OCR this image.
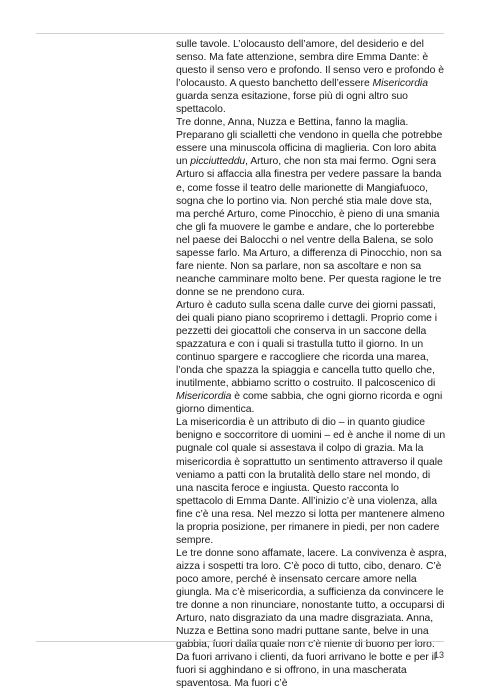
sulle tavole. L’olocausto dell’amore, del desiderio e del senso. Ma fate attenzione, sembra dire Emma Dante: è questo il senso vero e profondo. Il senso vero e profondo è l’olocausto. A questo banchetto dell’essere Misericordia guarda senza esitazione, forse più di ogni altro suo spettacolo.

Tre donne, Anna, Nuzza e Bettina, fanno la maglia. Preparano gli scialletti che vendono in quella che potrebbe essere una minuscola officina di maglieria. Con loro abita un picciutteddu, Arturo, che non sta mai fermo. Ogni sera Arturo si affaccia alla finestra per vedere passare la banda e, come fosse il teatro delle marionette di Mangiafuoco, sogna che lo portino via. Non perché stia male dove sta, ma perché Arturo, come Pinocchio, è pieno di una smania che gli fa muovere le gambe e andare, che lo porterebbe nel paese dei Balocchi o nel ventre della Balena, se solo sapesse farlo. Ma Arturo, a differenza di Pinocchio, non sa fare niente. Non sa parlare, non sa ascoltare e non sa neanche camminare molto bene. Per questa ragione le tre donne se ne prendono cura.

Arturo è caduto sulla scena dalle curve dei giorni passati, dei quali piano piano scopriremo i dettagli. Proprio come i pezzetti dei giocattoli che conserva in un saccone della spazzatura e con i quali si trastulla tutto il giorno. In un continuo spargere e raccogliere che ricorda una marea, l’onda che spazza la spiaggia e cancella tutto quello che, inutilmente, abbiamo scritto o costruito. Il palcoscenico di Misericordia è come sabbia, che ogni giorno ricorda e ogni giorno dimentica.

La misericordia è un attributo di dio – in quanto giudice benigno e soccorritore di uomini – ed è anche il nome di un pugnale col quale si assestava il colpo di grazia. Ma la misericordia è soprattutto un sentimento attraverso il quale veniamo a patti con la brutalità dello stare nel mondo, di una nascita feroce e ingiusta. Questo racconta lo spettacolo di Emma Dante. All’inizio c’è una violenza, alla fine c’è una resa. Nel mezzo si lotta per mantenere almeno la propria posizione, per rimanere in piedi, per non cadere sempre.

Le tre donne sono affamate, lacere. La convivenza è aspra, aizza i sospetti tra loro. C’è poco di tutto, cibo, denaro. C’è poco amore, perché è insensato cercare amore nella giungla. Ma c’è misericordia, a sufficienza da convincere le tre donne a non rinunciare, nonostante tutto, a occuparsi di Arturo, nato disgraziato da una madre disgraziata. Anna, Nuzza e Bettina sono madri puttane sante, belve in una gabbia, fuori dalla quale non c’è niente di buono per loro. Da fuori arrivano i clienti, da fuori arrivano le botte e per il fuori si agghindano e si offrono, in una mascherata spaventosa. Ma fuori c’è

13
